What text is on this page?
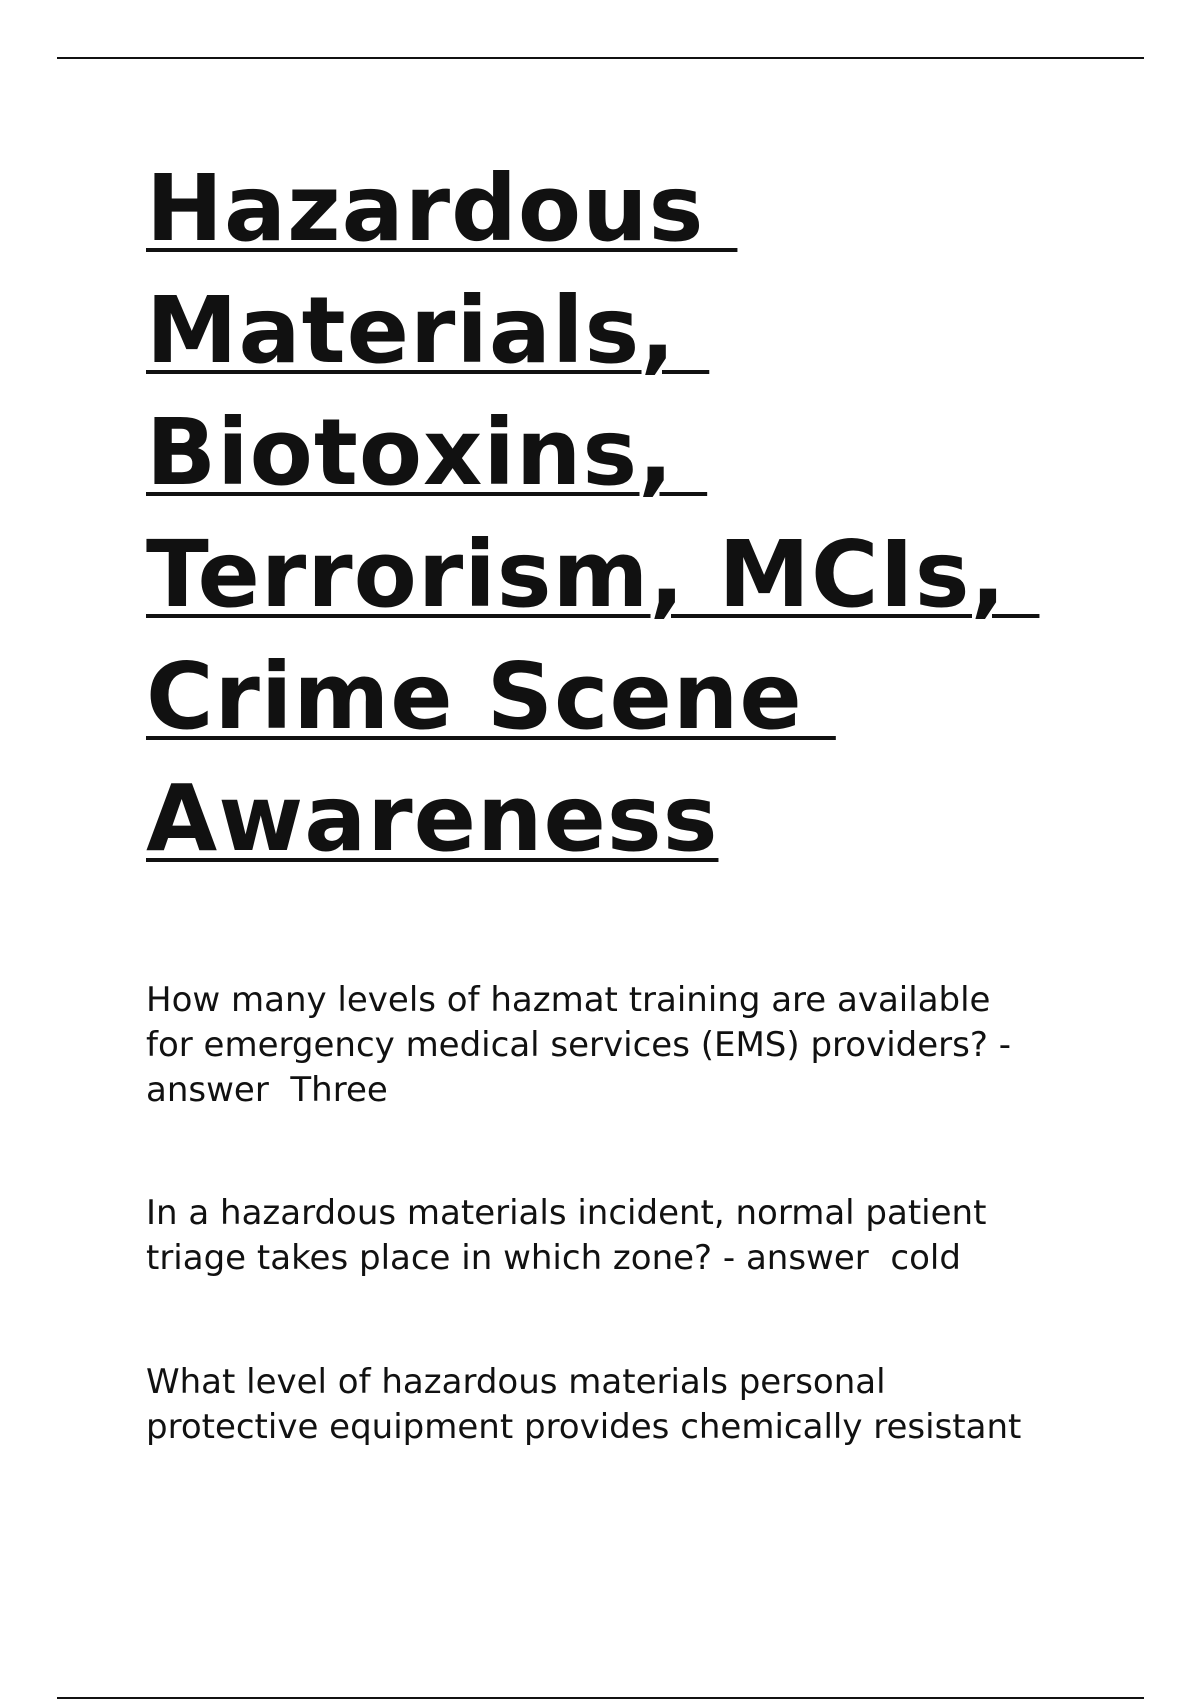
Hazardous
Materials,
Biotoxins,
Terrorism, MCIs,
Crime Scene
Awareness

How many levels of hazmat training are available
for emergency medical services (EMS) providers? -
answer  Three

In a hazardous materials incident, normal patient
triage takes place in which zone? - answer  cold

What level of hazardous materials personal
protective equipment provides chemically resistant
